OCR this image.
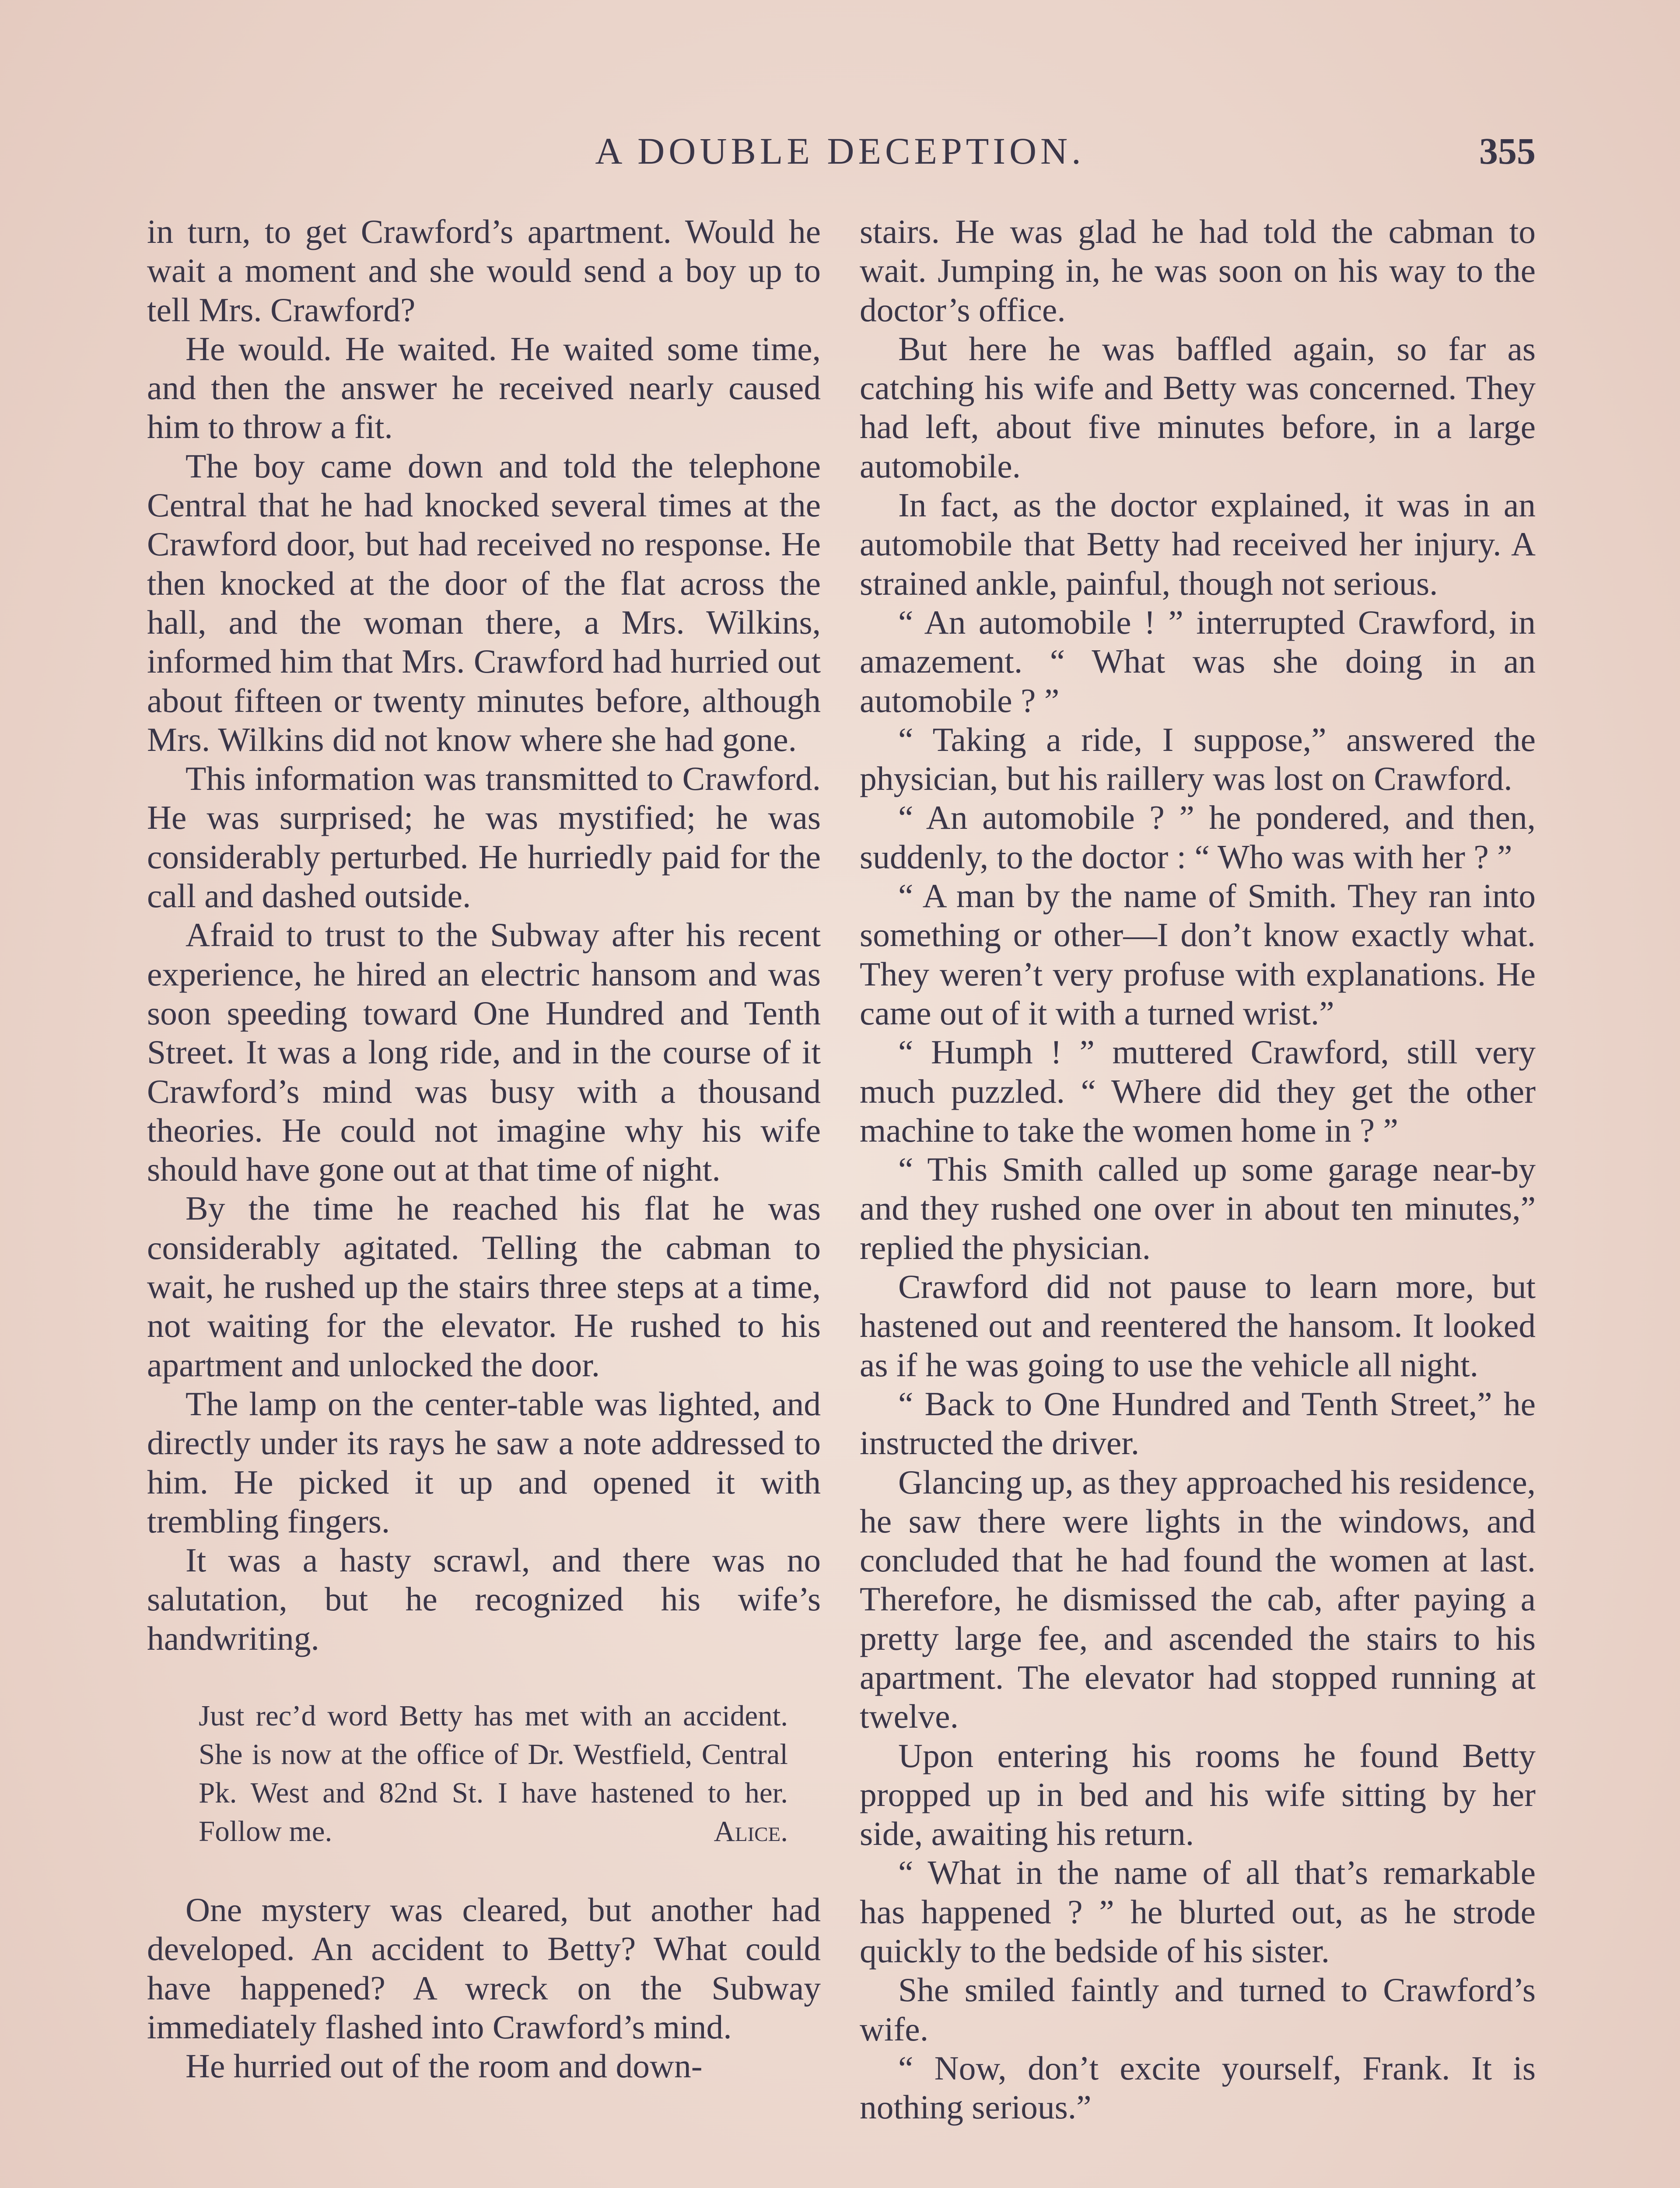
A DOUBLE DECEPTION.	355

in turn, to get Crawford’s apartment. Would he wait a moment and she would send a boy up to tell Mrs. Crawford?

He would. He waited. He waited some time, and then the answer he received nearly caused him to throw a fit.

The boy came down and told the telephone Central that he had knocked several times at the Crawford door, but had received no response. He then knocked at the door of the flat across the hall, and the woman there, a Mrs. Wilkins, informed him that Mrs. Crawford had hurried out about fifteen or twenty minutes before, although Mrs. Wilkins did not know where she had gone.

This information was transmitted to Crawford. He was surprised; he was mystified; he was considerably perturbed. He hurriedly paid for the call and dashed outside.

Afraid to trust to the Subway after his recent experience, he hired an electric hansom and was soon speeding toward One Hundred and Tenth Street. It was a long ride, and in the course of it Crawford’s mind was busy with a thousand theories. He could not imagine why his wife should have gone out at that time of night.

By the time he reached his flat he was considerably agitated. Telling the cabman to wait, he rushed up the stairs three steps at a time, not waiting for the elevator. He rushed to his apartment and unlocked the door.

The lamp on the center-table was lighted, and directly under its rays he saw a note addressed to him. He picked it up and opened it with trembling fingers.

It was a hasty scrawl, and there was no salutation, but he recognized his wife’s handwriting.

Just rec’d word Betty has met with an accident. She is now at the office of Dr. Westfield, Central Pk. West and 82nd St. I have hastened to her. Follow me.	Alice.

One mystery was cleared, but another had developed. An accident to Betty? What could have happened? A wreck on the Subway immediately flashed into Crawford’s mind.

He hurried out of the room and down-

stairs. He was glad he had told the cabman to wait. Jumping in, he was soon on his way to the doctor’s office.

But here he was baffled again, so far as catching his wife and Betty was concerned. They had left, about five minutes before, in a large automobile.

In fact, as the doctor explained, it was in an automobile that Betty had received her injury. A strained ankle, painful, though not serious.

“ An automobile ! ” interrupted Crawford, in amazement. “ What was she doing in an automobile ? ”

“ Taking a ride, I suppose,” answered the physician, but his raillery was lost on Crawford.

“ An automobile ? ” he pondered, and then, suddenly, to the doctor : “ Who was with her ? ”

“ A man by the name of Smith. They ran into something or other—I don’t know exactly what. They weren’t very profuse with explanations. He came out of it with a turned wrist.”

“ Humph ! ” muttered Crawford, still very much puzzled. “ Where did they get the other machine to take the women home in ? ”

“ This Smith called up some garage near-by and they rushed one over in about ten minutes,” replied the physician.

Crawford did not pause to learn more, but hastened out and reentered the hansom. It looked as if he was going to use the vehicle all night.

“ Back to One Hundred and Tenth Street,” he instructed the driver.

Glancing up, as they approached his residence, he saw there were lights in the windows, and concluded that he had found the women at last. Therefore, he dismissed the cab, after paying a pretty large fee, and ascended the stairs to his apartment. The elevator had stopped running at twelve.

Upon entering his rooms he found Betty propped up in bed and his wife sitting by her side, awaiting his return.

“ What in the name of all that’s remarkable has happened ? ” he blurted out, as he strode quickly to the bedside of his sister.

She smiled faintly and turned to Crawford’s wife.

“ Now, don’t excite yourself, Frank. It is nothing serious.”
